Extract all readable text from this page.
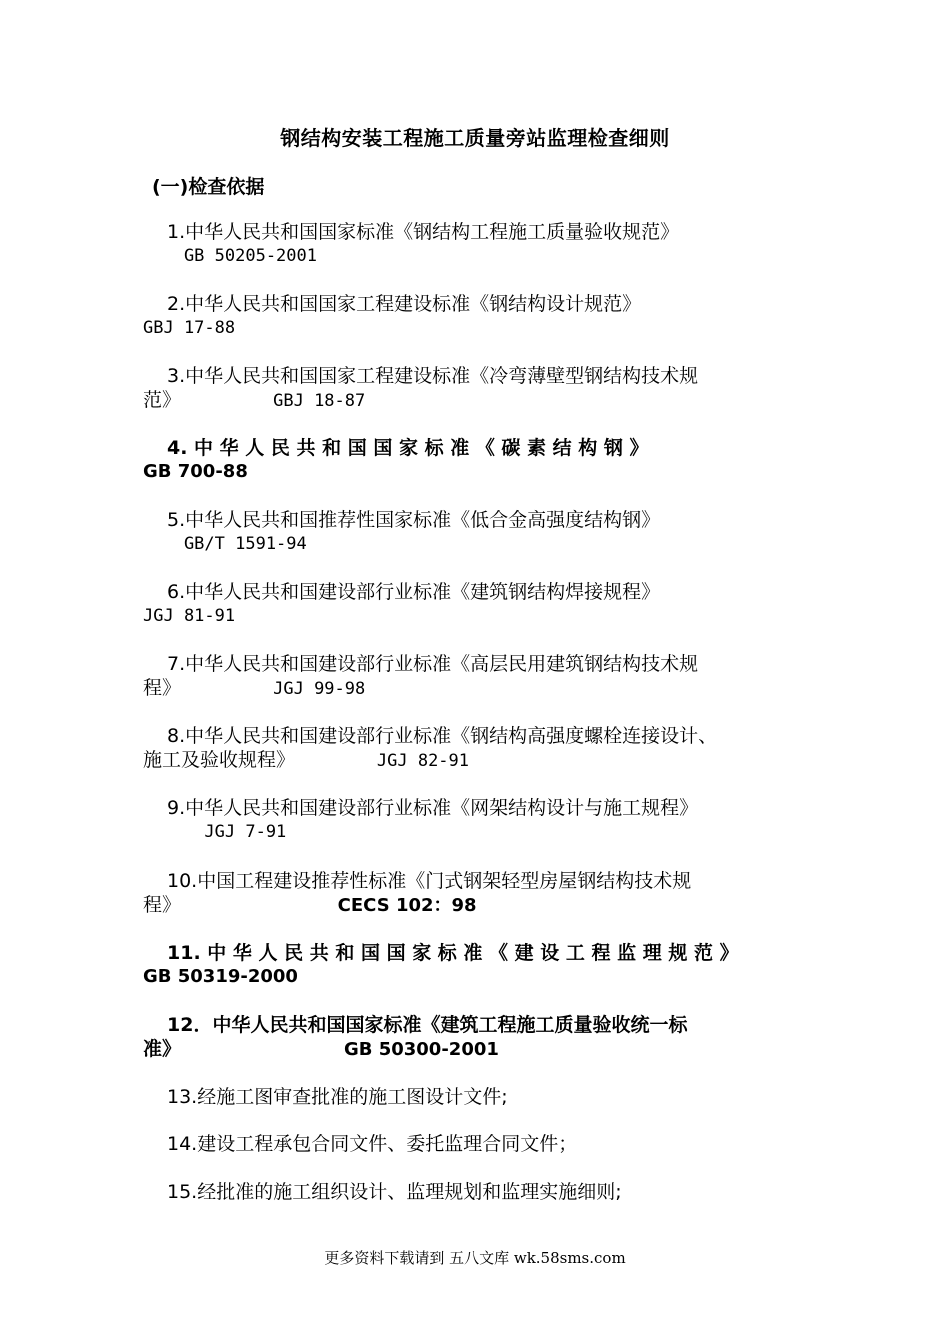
钢结构安装工程施工质量旁站监理检查细则
(一)检查依据
1.中华人民共和国国家标准《钢结构工程施工质量验收规范》
GB 50205-2001
2.中华人民共和国国家工程建设标准《钢结构设计规范》
GBJ 17-88
3.中华人民共和国国家工程建设标准《冷弯薄壁型钢结构技术规
范》         GBJ 18-87
4. 中 华 人 民 共 和 国 国 家 标 准 《 碳 素 结 构 钢 》
GB 700-88
5.中华人民共和国推荐性国家标准《低合金高强度结构钢》
GB/T 1591-94
6.中华人民共和国建设部行业标准《建筑钢结构焊接规程》
JGJ 81-91
7.中华人民共和国建设部行业标准《高层民用建筑钢结构技术规
程》         JGJ 99-98
8.中华人民共和国建设部行业标准《钢结构高强度螺栓连接设计、
施工及验收规程》        JGJ 82-91
9.中华人民共和国建设部行业标准《网架结构设计与施工规程》
JGJ 7-91
10.中国工程建设推荐性标准《门式钢架轻型房屋钢结构技术规
程》                         CECS 102：98
11. 中 华 人 民 共 和 国 国 家 标 准 《 建 设 工 程 监 理 规 范 》
GB 50319-2000
12．中华人民共和国国家标准《建筑工程施工质量验收统一标
准》                          GB 50300-2001
13.经施工图审查批准的施工图设计文件;
14.建设工程承包合同文件、委托监理合同文件；
15.经批准的施工组织设计、监理规划和监理实施细则;
更多资料下载请到 五八文库 wk.58sms.com
